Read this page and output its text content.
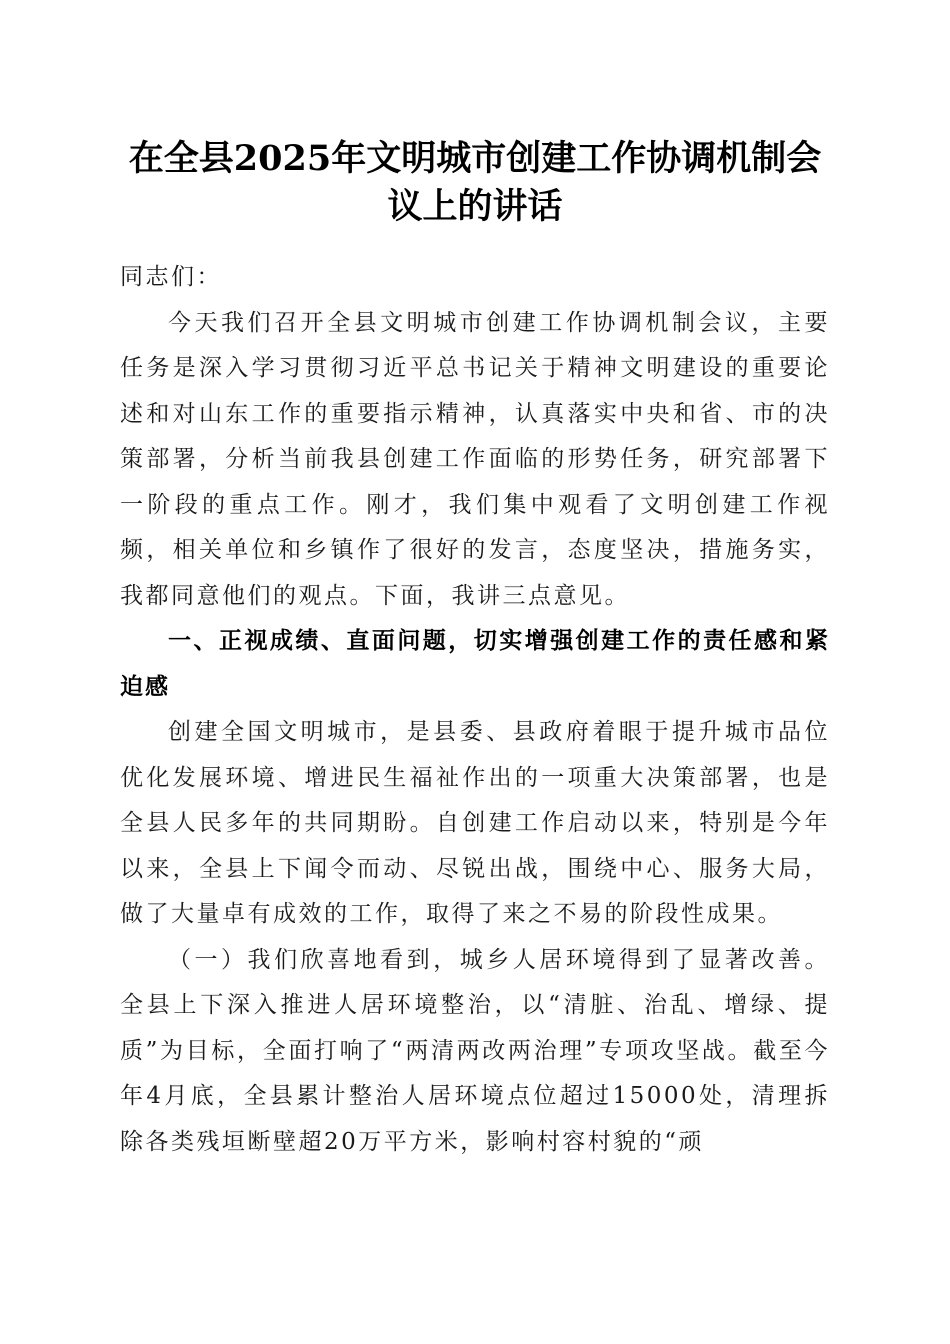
在全县2025年文明城市创建工作协调机制会
议上的讲话

同志们：

今天我们召开全县文明城市创建工作协调机制会议，主要任务是深入学习贯彻习近平总书记关于精神文明建设的重要论述和对山东工作的重要指示精神，认真落实中央和省、市的决策部署，分析当前我县创建工作面临的形势任务，研究部署下一阶段的重点工作。刚才，我们集中观看了文明创建工作视频，相关单位和乡镇作了很好的发言，态度坚决，措施务实，我都同意他们的观点。下面，我讲三点意见。

一、正视成绩、直面问题，切实增强创建工作的责任感和紧迫感

创建全国文明城市，是县委、县政府着眼于提升城市品位优化发展环境、增进民生福祉作出的一项重大决策部署，也是全县人民多年的共同期盼。自创建工作启动以来，特别是今年以来，全县上下闻令而动、尽锐出战，围绕中心、服务大局，做了大量卓有成效的工作，取得了来之不易的阶段性成果。

（一）我们欣喜地看到，城乡人居环境得到了显著改善。全县上下深入推进人居环境整治，以“清脏、治乱、增绿、提质”为目标，全面打响了“两清两改两治理”专项攻坚战。截至今年4月底，全县累计整治人居环境点位超过15000处，清理拆除各类残垣断壁超20万平方米，影响村容村貌的“顽
